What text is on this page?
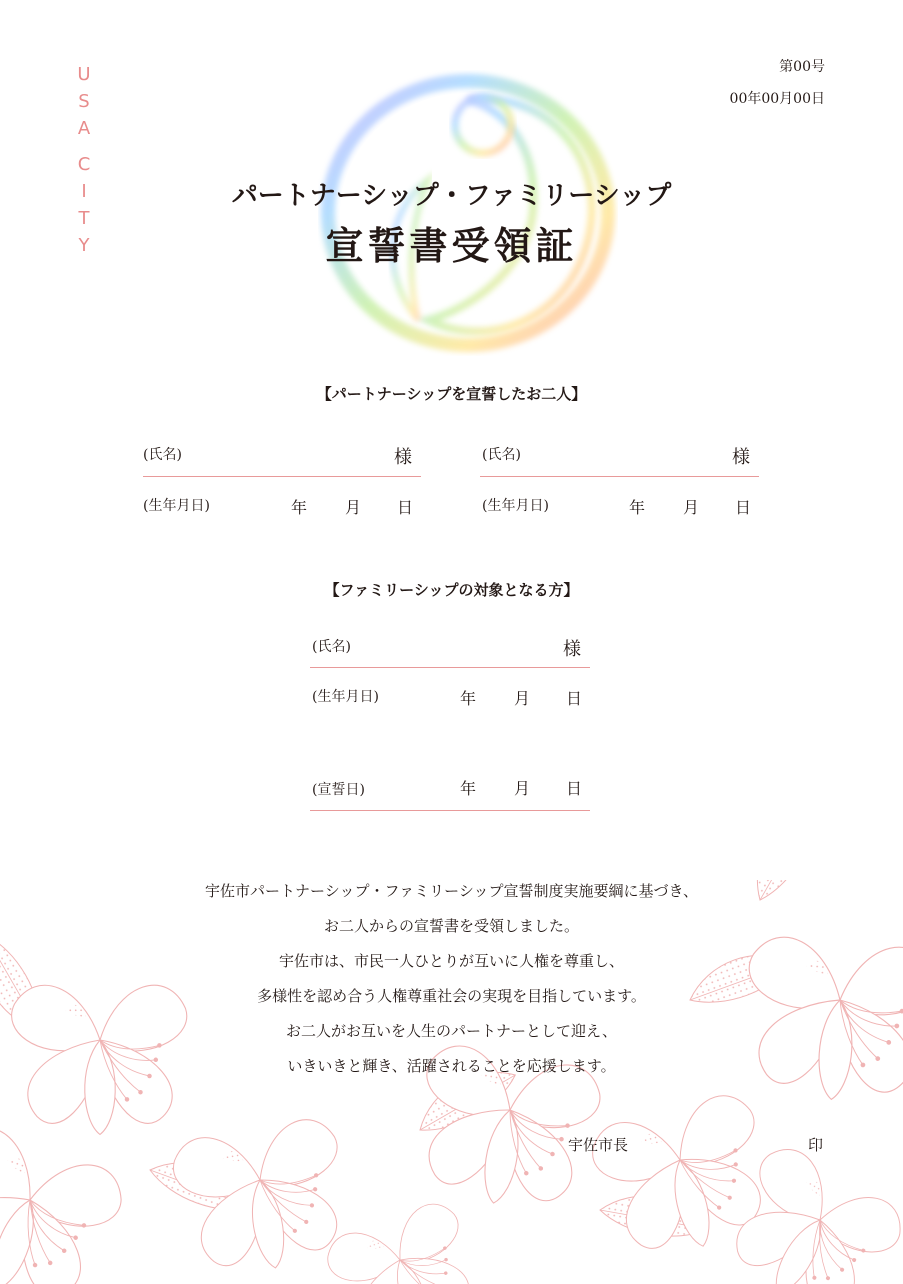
U
S
A
C
I
T
Y
第00号
00年00月00日
パートナーシップ・ファミリーシップ
宣誓書受領証
【パートナーシップを宣誓したお二人】
(氏名)	様
(生年月日)	年 月 日
(氏名)	様
(生年月日)	年 月 日
【ファミリーシップの対象となる方】
(氏名)	様
(生年月日)	年 月 日
(宣誓日)	年 月 日
宇佐市パートナーシップ・ファミリーシップ宣誓制度実施要綱に基づき、
お二人からの宣誓書を受領しました。
宇佐市は、市民一人ひとりが互いに人権を尊重し、
多様性を認め合う人権尊重社会の実現を目指しています。
お二人がお互いを人生のパートナーとして迎え、
いきいきと輝き、活躍されることを応援します。
宇佐市長	印
